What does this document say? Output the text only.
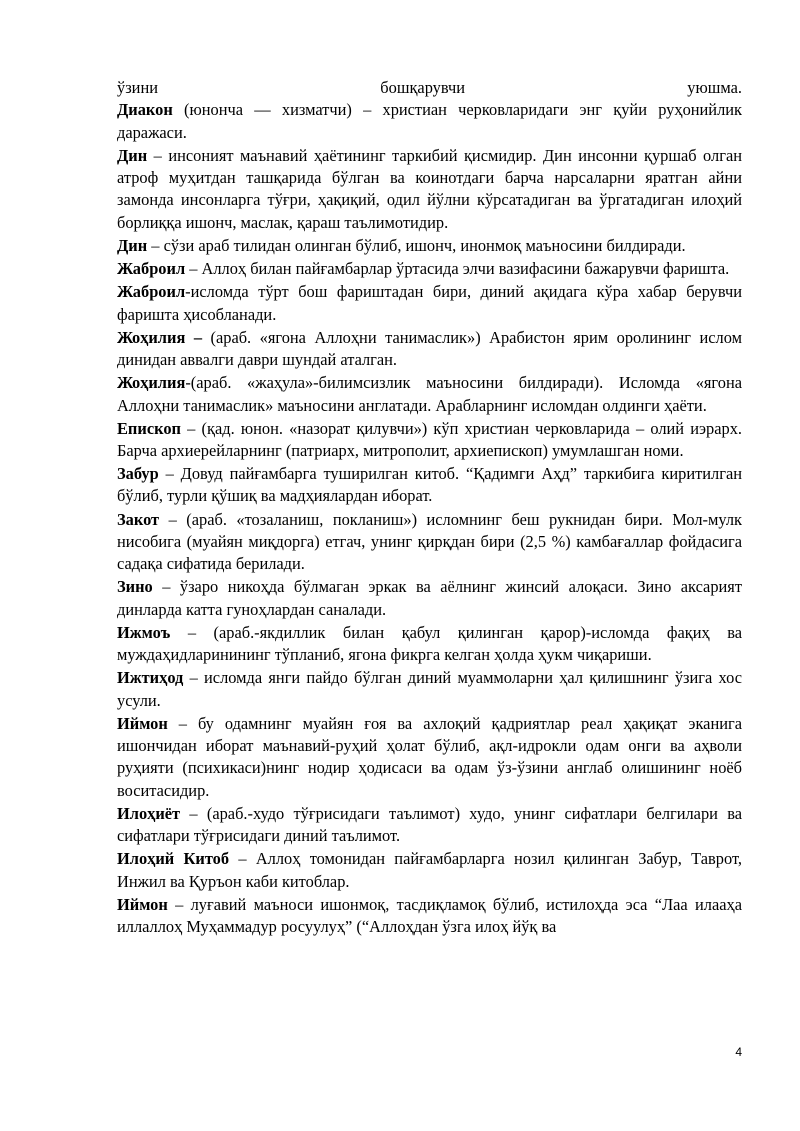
ўзини	бошқарувчи	уюшма.

Диакон (юнонча — хизматчи) – христиан черковларидаги энг қуйи руҳонийлик даражаси.

Дин – инсоният маънавий ҳаётининг таркибий қисмидир. Дин инсонни қуршаб олган атроф муҳитдан ташқарида бўлган ва коинотдаги барча нарсаларни яратган айни замонда инсонларга тўғри, ҳақиқий, одил йўлни кўрсатадиган ва ўргатадиган илоҳий борлиққа ишонч, маслак, қараш таълимотидир.

Дин – сўзи араб тилидан олинган бўлиб, ишонч, инонмоқ маъносини билдиради.

Жаброил – Аллоҳ билан пайғамбарлар ўртасида элчи вазифасини бажарувчи фаришта.

Жаброил-исломда тўрт бош фариштадан бири, диний ақидага кўра хабар берувчи фаришта ҳисобланади.

Жоҳилия – (араб. «ягона Аллоҳни танимаслик») Арабистон ярим оролининг ислом динидан аввалги даври шундай аталган.

Жоҳилия-(араб. «жаҳула»-билимсизлик маъносини билдиради). Исломда «ягона Аллоҳни танимаслик» маъносини англатади. Арабларнинг исломдан олдинги ҳаёти.

Епископ – (қад. юнон. «назорат қилувчи») кўп христиан черковларида – олий иэрарх. Барча архиерейларнинг (патриарх, митрополит, архиепископ) умумлашган номи.

Забур – Довуд пайғамбарга туширилган китоб. “Қадимги Аҳд” таркибига киритилган бўлиб, турли қўшиқ ва мадҳиялардан иборат.

Закот – (араб. «тозаланиш, покланиш») исломнинг беш рукнидан бири. Мол-мулк нисобига (муайян миқдорга) етгач, унинг қирқдан бири (2,5 %) камбағаллар фойдасига садақа сифатида берилади.

Зино – ўзаро никоҳда бўлмаган эркак ва аёлнинг жинсий алоқаси. Зино аксарият динларда катта гуноҳлардан саналади.

Ижмоъ – (араб.-якдиллик билан қабул қилинган қарор)-исломда фақиҳ ва муждаҳидларинининг тўпланиб, ягона фикрга келган ҳолда ҳукм чиқариши.

Ижтиҳод – исломда янги пайдо бўлган диний муаммоларни ҳал қилишнинг ўзига хос усули.

Иймон – бу одамнинг муайян ғоя ва ахлоқий қадриятлар реал ҳақиқат эканига ишончидан иборат маънавий-руҳий ҳолат бўлиб, ақл-идрокли одам онги ва аҳволи руҳияти (психикаси)нинг нодир ҳодисаси ва одам ўз-ўзини англаб олишининг ноёб воситасидир.

Илоҳиёт – (араб.-худо тўғрисидаги таълимот) худо, унинг сифатлари белгилари ва сифатлари тўғрисидаги диний таълимот.

Илоҳий Китоб – Аллоҳ томонидан пайғамбарларга нозил қилинган Забур, Таврот, Инжил ва Қуръон каби китоблар.

Иймон – луғавий маъноси ишонмоқ, тасдиқламоқ бўлиб, истилоҳда эса “Лаа илааҳа иллаллоҳ Муҳаммадур росуулуҳ” (“Аллоҳдан ўзга илоҳ йўқ ва

4
